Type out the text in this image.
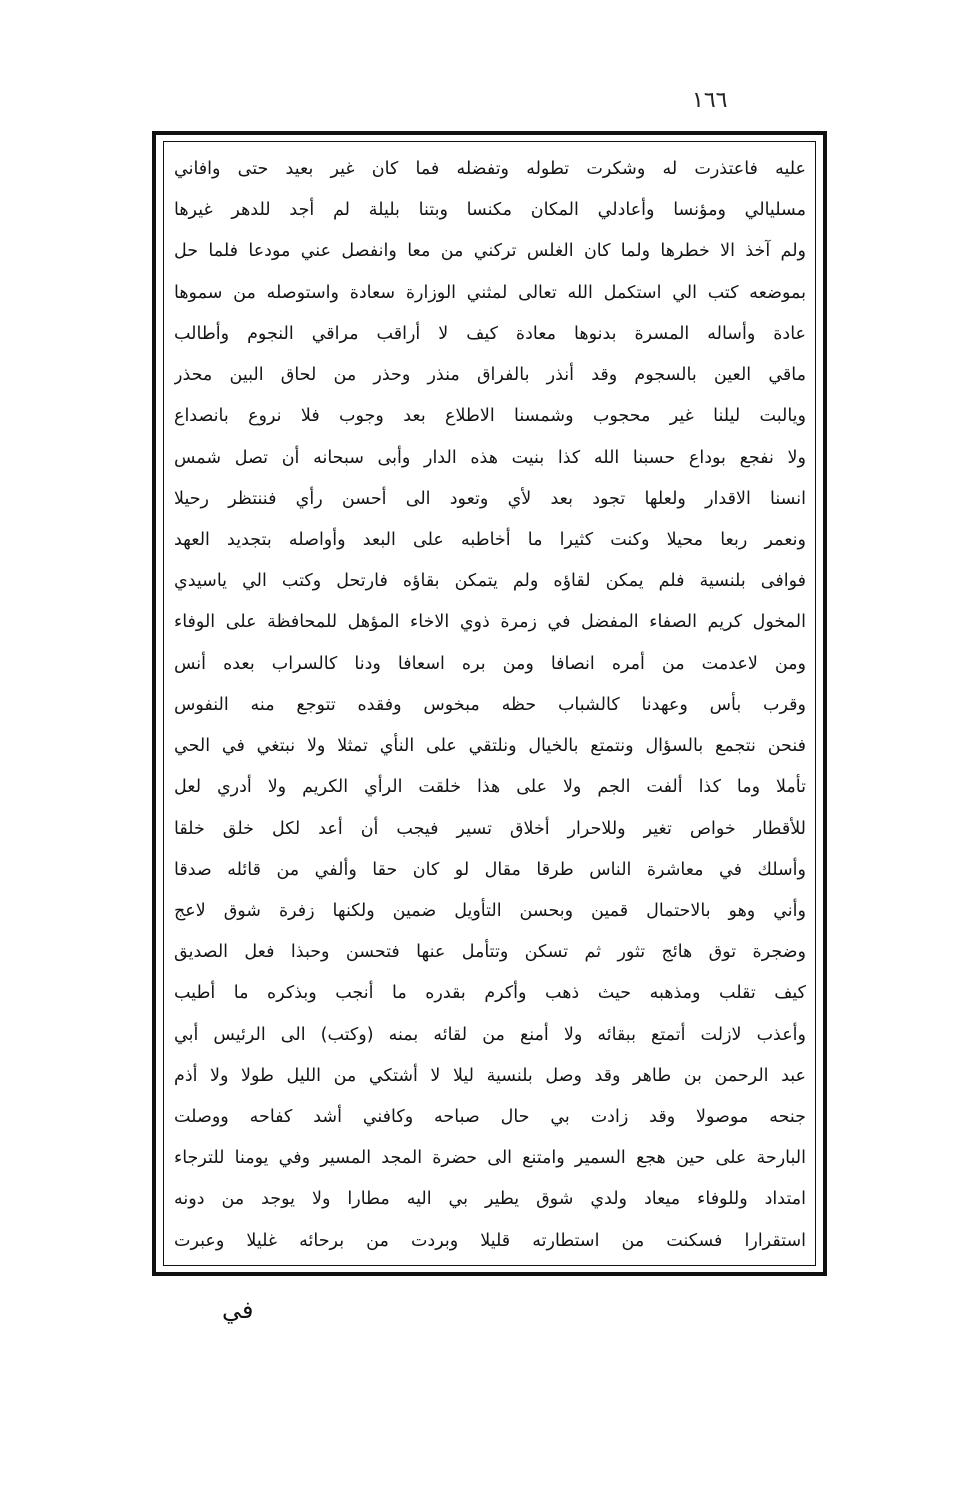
١٦٦
عليه فاعتذرت له وشكرت تطوله وتفضله فما كان غير بعيد حتى وافاني
مسليالي ومؤنسا وأعادلي المكان مكنسا وبتنا بليلة لم أجد للدهر غيرها
ولم آخذ الا خطرها ولما كان الغلس تركني من معا وانفصل عني مودعا فلما حل
بموضعه كتب الي استكمل الله تعالى لمثني الوزارة سعادة واستوصله من سموها
عادة وأساله المسرة بدنوها معادة كيف لا أراقب مراقي النجوم وأطالب
ماقي العين بالسجوم وقد أنذر بالفراق منذر وحذر من لحاق البين محذر
ويالبت ليلنا غير محجوب وشمسنا الاطلاع بعد وجوب فلا نروع بانصداع
ولا نفجع بوداع حسبنا الله كذا بنيت هذه الدار وأبى سبحانه أن تصل شمس
انسنا الاقدار ولعلها تجود بعد لأي وتعود الى أحسن رأي فننتظر رحيلا
ونعمر ربعا محيلا وكنت كثيرا ما أخاطبه على البعد وأواصله بتجديد العهد
فوافى بلنسية فلم يمكن لقاؤه ولم يتمكن بقاؤه فارتحل وكتب الي ياسيدي
المخول كريم الصفاء المفضل في زمرة ذوي الاخاء المؤهل للمحافظة على الوفاء
ومن لاعدمت من أمره انصافا ومن بره اسعافا ودنا كالسراب بعده أنس
وقرب بأس وعهدنا كالشباب حظه مبخوس وفقده تتوجع منه النفوس
فنحن نتجمع بالسؤال ونتمتع بالخيال ونلتقي على النأي تمثلا ولا نبتغي في الحي
تأملا وما كذا ألفت الجم ولا على هذا خلقت الرأي الكريم ولا أدري لعل
للأقطار خواص تغير وللاحرار أخلاق تسير فيجب أن أعد لكل خلق خلقا
وأسلك في معاشرة الناس طرقا مقال لو كان حقا وألفي من قائله صدقا
وأني وهو بالاحتمال قمين وبحسن التأويل ضمين ولكنها زفرة شوق لاعج
وضجرة توق هائج تثور ثم تسكن وتتأمل عنها فتحسن وحبذا فعل الصديق
كيف تقلب ومذهبه حيث ذهب وأكرم بقدره ما أنجب وبذكره ما أطيب
وأعذب لازلت أتمتع ببقائه ولا أمنع من لقائه بمنه (وكتب) الى الرئيس أبي
عبد الرحمن بن طاهر وقد وصل بلنسية ليلا لا أشتكي من الليل طولا ولا أذم
جنحه موصولا وقد زادت بي حال صباحه وكافني أشد كفاحه ووصلت
البارحة على حين هجع السمير وامتنع الى حضرة المجد المسير وفي يومنا للترجاء
امتداد وللوفاء ميعاد ولدي شوق يطير بي اليه مطارا ولا يوجد من دونه
استقرارا فسكنت من استطارته قليلا وبردت من برحائه غليلا وعبرت
في
